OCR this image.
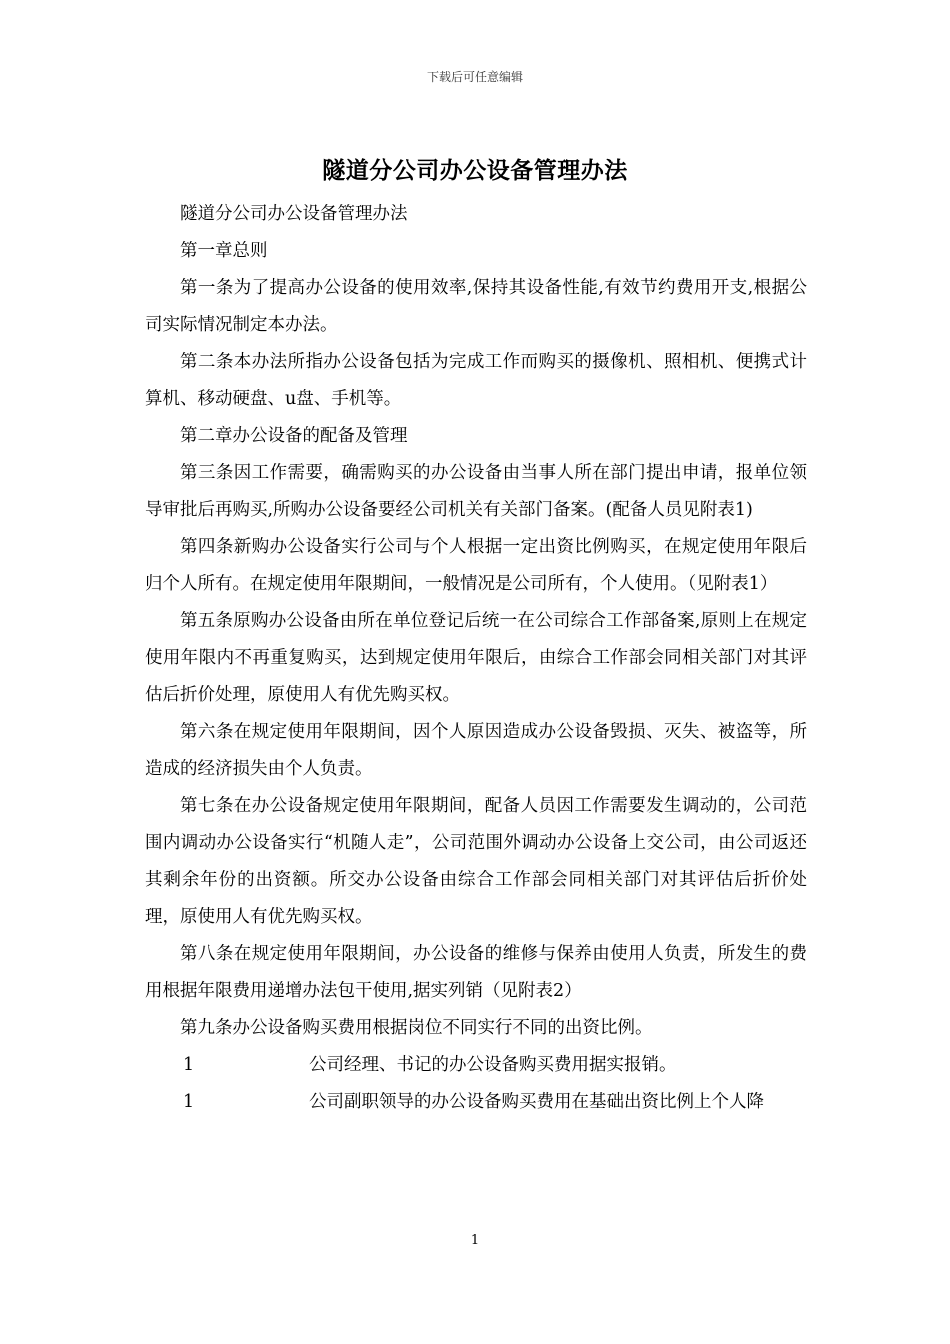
下载后可任意编辑
隧道分公司办公设备管理办法

隧道分公司办公设备管理办法

第一章总则

第一条为了提高办公设备的使用效率,保持其设备性能,有效节约费用开支,根据公司实际情况制定本办法。

第二条本办法所指办公设备包括为完成工作而购买的摄像机、照相机、便携式计算机、移动硬盘、u盘、手机等。

第二章办公设备的配备及管理

第三条因工作需要，确需购买的办公设备由当事人所在部门提出申请，报单位领导审批后再购买,所购办公设备要经公司机关有关部门备案。(配备人员见附表1)

第四条新购办公设备实行公司与个人根据一定出资比例购买，在规定使用年限后归个人所有。在规定使用年限期间，一般情况是公司所有，个人使用。（见附表1）

第五条原购办公设备由所在单位登记后统一在公司综合工作部备案,原则上在规定使用年限内不再重复购买，达到规定使用年限后，由综合工作部会同相关部门对其评估后折价处理，原使用人有优先购买权。

第六条在规定使用年限期间，因个人原因造成办公设备毁损、灭失、被盗等，所造成的经济损失由个人负责。

第七条在办公设备规定使用年限期间，配备人员因工作需要发生调动的，公司范围内调动办公设备实行“机随人走”，公司范围外调动办公设备上交公司，由公司返还其剩余年份的出资额。所交办公设备由综合工作部会同相关部门对其评估后折价处理，原使用人有优先购买权。

第八条在规定使用年限期间，办公设备的维修与保养由使用人负责，所发生的费用根据年限费用递增办法包干使用,据实列销（见附表2）

第九条办公设备购买费用根据岗位不同实行不同的出资比例。

1	公司经理、书记的办公设备购买费用据实报销。
1	公司副职领导的办公设备购买费用在基础出资比例上个人降
1
